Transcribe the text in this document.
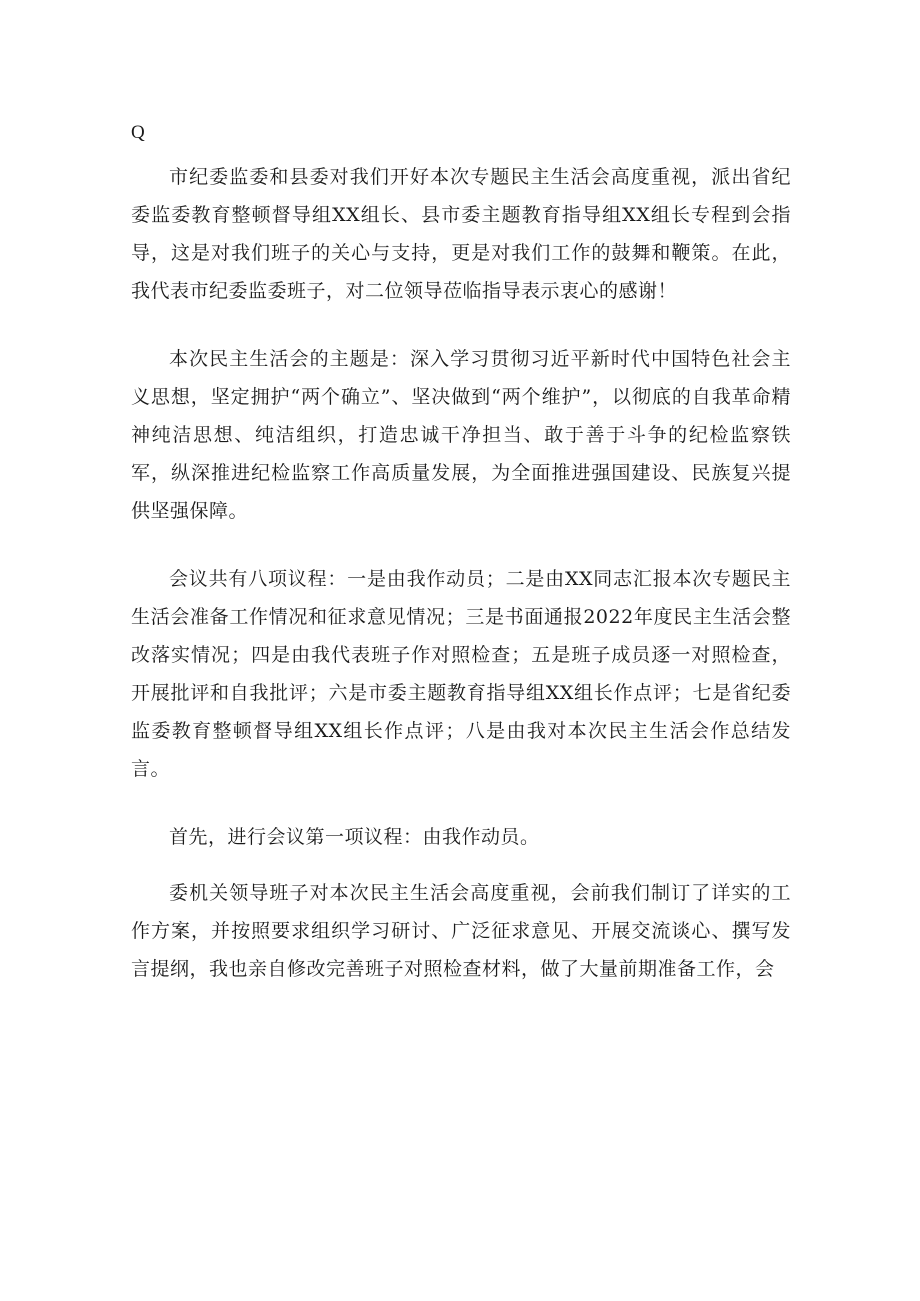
Q

市纪委监委和县委对我们开好本次专题民主生活会高度重视，派出省纪委监委教育整顿督导组XX组长、县市委主题教育指导组XX组长专程到会指导，这是对我们班子的关心与支持，更是对我们工作的鼓舞和鞭策。在此，我代表市纪委监委班子，对二位领导莅临指导表示衷心的感谢！

本次民主生活会的主题是：深入学习贯彻习近平新时代中国特色社会主义思想，坚定拥护“两个确立”、坚决做到“两个维护”，以彻底的自我革命精神纯洁思想、纯洁组织，打造忠诚干净担当、敢于善于斗争的纪检监察铁军，纵深推进纪检监察工作高质量发展，为全面推进强国建设、民族复兴提供坚强保障。

会议共有八项议程：一是由我作动员；二是由XX同志汇报本次专题民主生活会准备工作情况和征求意见情况；三是书面通报2022年度民主生活会整改落实情况；四是由我代表班子作对照检查；五是班子成员逐一对照检查，开展批评和自我批评；六是市委主题教育指导组XX组长作点评；七是省纪委监委教育整顿督导组XX组长作点评；八是由我对本次民主生活会作总结发言。

首先，进行会议第一项议程：由我作动员。

委机关领导班子对本次民主生活会高度重视，会前我们制订了详实的工作方案，并按照要求组织学习研讨、广泛征求意见、开展交流谈心、撰写发言提纲，我也亲自修改完善班子对照检查材料，做了大量前期准备工作，会
